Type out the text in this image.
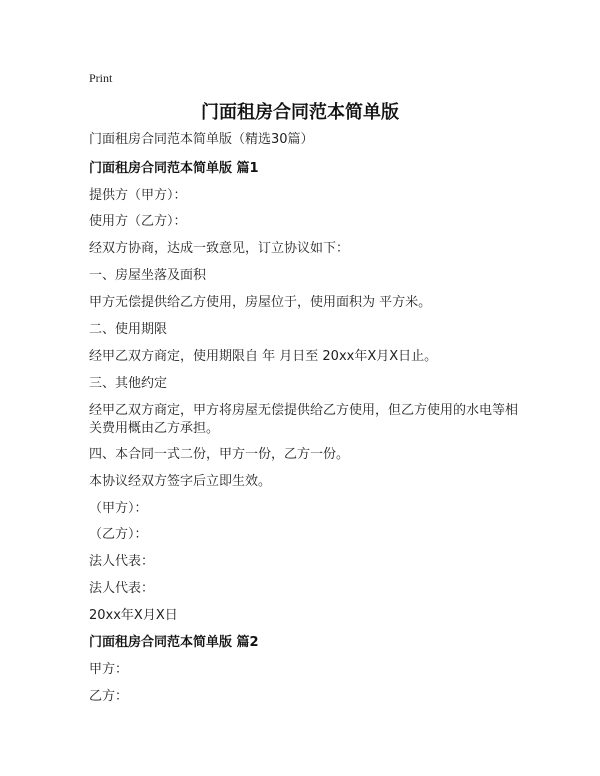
Print
门面租房合同范本简单版
门面租房合同范本简单版（精选30篇）
门面租房合同范本简单版 篇1
提供方（甲方）：
使用方（乙方）：
经双方协商，达成一致意见，订立协议如下：
一、房屋坐落及面积
甲方无偿提供给乙方使用，房屋位于，使用面积为 平方米。
二、使用期限
经甲乙双方商定，使用期限自 年 月日至 20xx年X月X日止。
三、其他约定
经甲乙双方商定，甲方将房屋无偿提供给乙方使用，但乙方使用的水电等相关费用概由乙方承担。
四、本合同一式二份，甲方一份，乙方一份。
本协议经双方签字后立即生效。
（甲方）：
（乙方）：
法人代表：
法人代表：
20xx年X月X日
门面租房合同范本简单版 篇2
甲方：
乙方：
